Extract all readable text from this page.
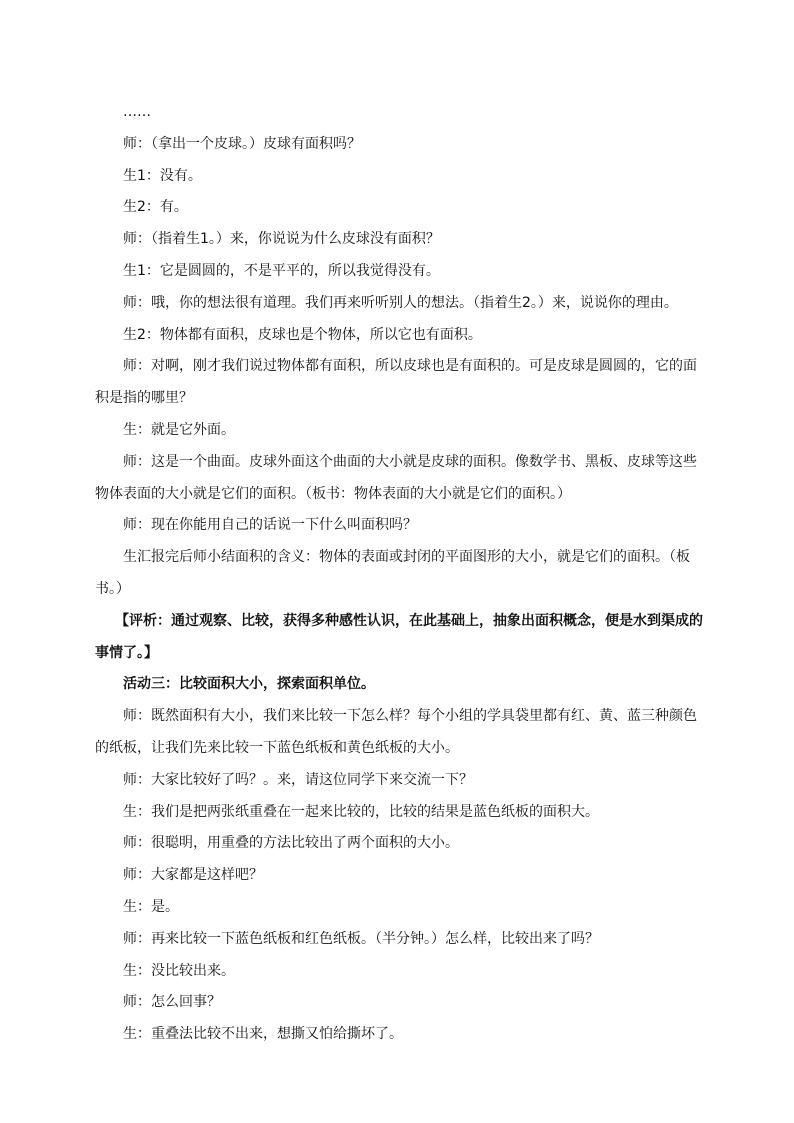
……

师：（拿出一个皮球。）皮球有面积吗？

生1：没有。

生2：有。

师：（指着生1。）来，你说说为什么皮球没有面积？

生1：它是圆圆的，不是平平的，所以我觉得没有。

师：哦，你的想法很有道理。我们再来听听别人的想法。（指着生2。）来，说说你的理由。

生2：物体都有面积，皮球也是个物体，所以它也有面积。

师：对啊，刚才我们说过物体都有面积，所以皮球也是有面积的。可是皮球是圆圆的，它的面积是指的哪里？

生：就是它外面。

师：这是一个曲面。皮球外面这个曲面的大小就是皮球的面积。像数学书、黑板、皮球等这些物体表面的大小就是它们的面积。（板书：物体表面的大小就是它们的面积。）

师：现在你能用自己的话说一下什么叫面积吗？

生汇报完后师小结面积的含义：物体的表面或封闭的平面图形的大小，就是它们的面积。（板书。）

【评析：通过观察、比较，获得多种感性认识，在此基础上，抽象出面积概念，便是水到渠成的事情了。】

活动三：比较面积大小，探索面积单位。

师：既然面积有大小，我们来比较一下怎么样？每个小组的学具袋里都有红、黄、蓝三种颜色的纸板，让我们先来比较一下蓝色纸板和黄色纸板的大小。

师：大家比较好了吗？。来，请这位同学下来交流一下？

生：我们是把两张纸重叠在一起来比较的，比较的结果是蓝色纸板的面积大。

师：很聪明，用重叠的方法比较出了两个面积的大小。

师：大家都是这样吧？

生：是。

师：再来比较一下蓝色纸板和红色纸板。（半分钟。）怎么样，比较出来了吗？

生：没比较出来。

师：怎么回事？

生：重叠法比较不出来，想撕又怕给撕坏了。
